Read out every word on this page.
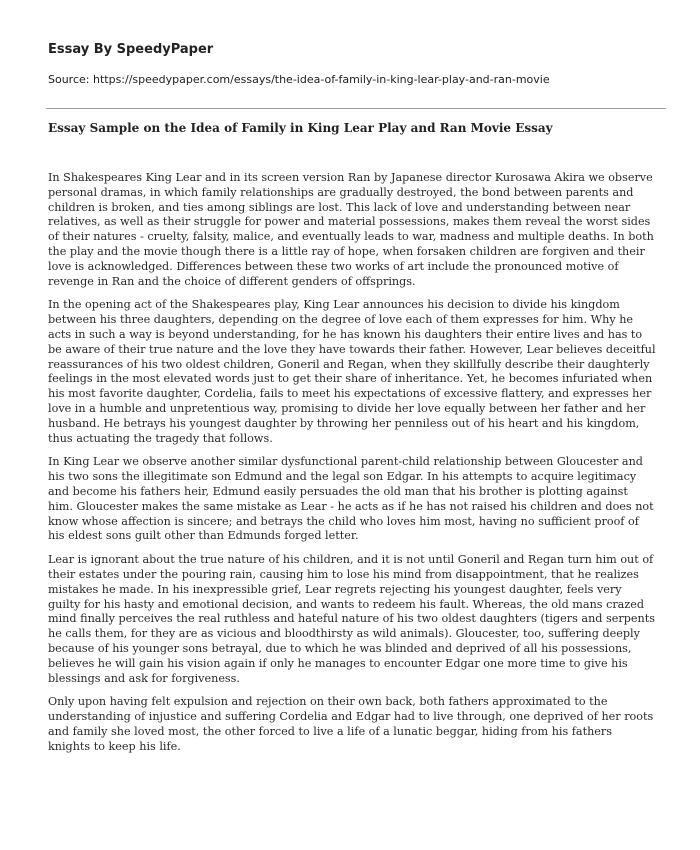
Essay By SpeedyPaper
Source: https://speedypaper.com/essays/the-idea-of-family-in-king-lear-play-and-ran-movie
Essay Sample on the Idea of Family in King Lear Play and Ran Movie Essay

In Shakespeares King Lear and in its screen version Ran by Japanese director Kurosawa Akira we observe personal dramas, in which family relationships are gradually destroyed, the bond between parents and children is broken, and ties among siblings are lost. This lack of love and understanding between near relatives, as well as their struggle for power and material possessions, makes them reveal the worst sides of their natures - cruelty, falsity, malice, and eventually leads to war, madness and multiple deaths. In both the play and the movie though there is a little ray of hope, when forsaken children are forgiven and their love is acknowledged. Differences between these two works of art include the pronounced motive of revenge in Ran and the choice of different genders of offsprings.

In the opening act of the Shakespeares play, King Lear announces his decision to divide his kingdom between his three daughters, depending on the degree of love each of them expresses for him. Why he acts in such a way is beyond understanding, for he has known his daughters their entire lives and has to be aware of their true nature and the love they have towards their father. However, Lear believes deceitful reassurances of his two oldest children, Goneril and Regan, when they skillfully describe their daughterly feelings in the most elevated words just to get their share of inheritance. Yet, he becomes infuriated when his most favorite daughter, Cordelia, fails to meet his expectations of excessive flattery, and expresses her love in a humble and unpretentious way, promising to divide her love equally between her father and her husband. He betrays his youngest daughter by throwing her penniless out of his heart and his kingdom, thus actuating the tragedy that follows.

In King Lear we observe another similar dysfunctional parent-child relationship between Gloucester and his two sons the illegitimate son Edmund and the legal son Edgar. In his attempts to acquire legitimacy and become his fathers heir, Edmund easily persuades the old man that his brother is plotting against him. Gloucester makes the same mistake as Lear - he acts as if he has not raised his children and does not know whose affection is sincere; and betrays the child who loves him most, having no sufficient proof of his eldest sons guilt other than Edmunds forged letter.

Lear is ignorant about the true nature of his children, and it is not until Goneril and Regan turn him out of their estates under the pouring rain, causing him to lose his mind from disappointment, that he realizes mistakes he made. In his inexpressible grief, Lear regrets rejecting his youngest daughter, feels very guilty for his hasty and emotional decision, and wants to redeem his fault. Whereas, the old mans crazed mind finally perceives the real ruthless and hateful nature of his two oldest daughters (tigers and serpents he calls them, for they are as vicious and bloodthirsty as wild animals). Gloucester, too, suffering deeply because of his younger sons betrayal, due to which he was blinded and deprived of all his possessions, believes he will gain his vision again if only he manages to encounter Edgar one more time to give his blessings and ask for forgiveness.

Only upon having felt expulsion and rejection on their own back, both fathers approximated to the understanding of injustice and suffering Cordelia and Edgar had to live through, one deprived of her roots and family she loved most, the other forced to live a life of a lunatic beggar, hiding from his fathers knights to keep his life.
